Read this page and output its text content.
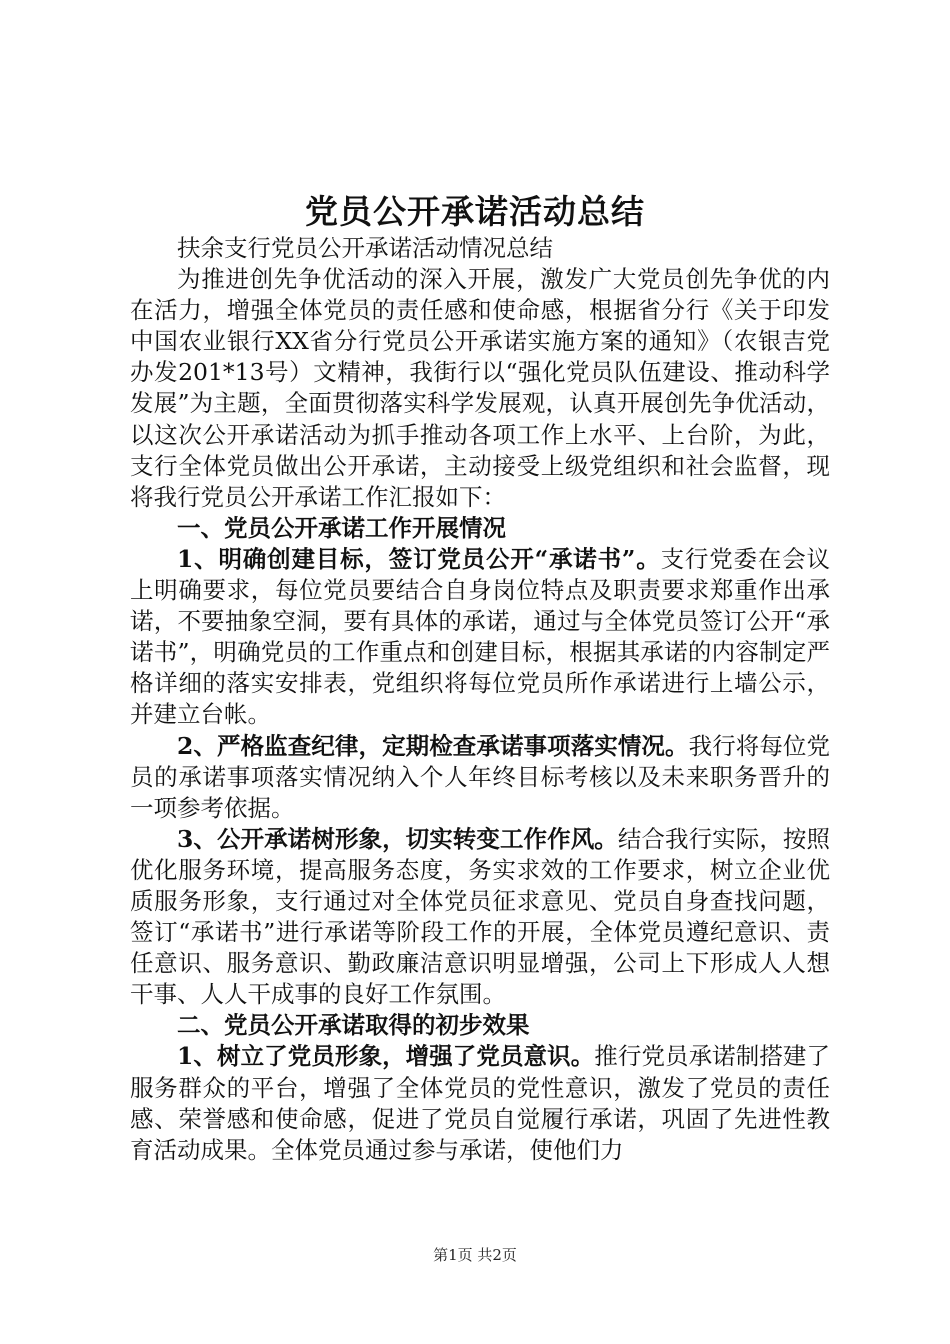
党员公开承诺活动总结

扶余支行党员公开承诺活动情况总结

为推进创先争优活动的深入开展，激发广大党员创先争优的内在活力，增强全体党员的责任感和使命感，根据省分行《关于印发中国农业银行XX省分行党员公开承诺实施方案的通知》（农银吉党办发201*13号）文精神，我街行以“强化党员队伍建设、推动科学发展”为主题，全面贯彻落实科学发展观，认真开展创先争优活动，以这次公开承诺活动为抓手推动各项工作上水平、上台阶，为此，支行全体党员做出公开承诺，主动接受上级党组织和社会监督，现将我行党员公开承诺工作汇报如下：

一、党员公开承诺工作开展情况

1、明确创建目标，签订党员公开“承诺书”。支行党委在会议上明确要求，每位党员要结合自身岗位特点及职责要求郑重作出承诺，不要抽象空洞，要有具体的承诺，通过与全体党员签订公开“承诺书”，明确党员的工作重点和创建目标，根据其承诺的内容制定严格详细的落实安排表，党组织将每位党员所作承诺进行上墙公示，并建立台帐。

2、严格监查纪律，定期检查承诺事项落实情况。我行将每位党员的承诺事项落实情况纳入个人年终目标考核以及未来职务晋升的一项参考依据。

3、公开承诺树形象，切实转变工作作风。结合我行实际，按照优化服务环境，提高服务态度，务实求效的工作要求，树立企业优质服务形象，支行通过对全体党员征求意见、党员自身查找问题，签订“承诺书”进行承诺等阶段工作的开展，全体党员遵纪意识、责任意识、服务意识、勤政廉洁意识明显增强，公司上下形成人人想干事、人人干成事的良好工作氛围。

二、党员公开承诺取得的初步效果

1、树立了党员形象，增强了党员意识。推行党员承诺制搭建了服务群众的平台，增强了全体党员的党性意识，激发了党员的责任感、荣誉感和使命感，促进了党员自觉履行承诺，巩固了先进性教育活动成果。全体党员通过参与承诺，使他们力

第1页 共2页
